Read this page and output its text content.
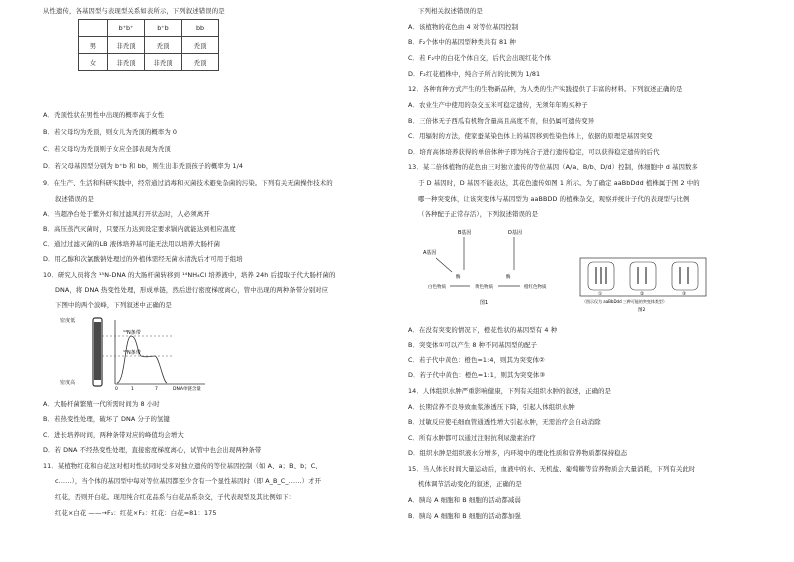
从性遗传，各基因型与表现型关系如表所示，下列叙述错误的是
	b⁺b⁺	b⁺b	bb
男	非秃顶	秃顶	秃顶
女	非秃顶	非秃顶	秃顶
A．秃顶性状在男性中出现的概率高于女性
B．若父母均为秃顶，则女儿为秃顶的概率为 0
C．若父母均为秃顶则子女应全部表现为秃顶
D．若父母基因型分别为 b⁺b 和 bb，则生出非秃顶孩子的概率为 1/4
9．在生产、生活和科研实践中，经常通过消毒和灭菌技术避免杂菌的污染。下列有关无菌操作技术的
叙述错误的是
A．当超净台处于紫外灯和过滤风打开状态时，人必须离开
B．高压蒸汽灭菌时，只要压力达到设定要求锅内就能达到相应温度
C．通过过滤灭菌的LB 液体培养基可能无法用以培养大肠杆菌
D．用乙醇和次氯酸钠处理过的外植体需经无菌水清洗后才可用于组培
10．研究人员将含 ¹⁵N-DNA 的大肠杆菌转移到 ¹⁴NH₄Cl 培养液中，培养 24h 后提取子代大肠杆菌的
DNA，将 DNA 热变性处理，形成单链，然后进行密度梯度离心，管中出现的两种条带分别对应
下图中的两个波峰，下列叙述中正确的是
¹⁴N条带
¹⁵N条带
0	1	7	DNA单链含量
密度低
密度高
A．大肠杆菌繁殖一代所需时间为 8 小时
B．若热变性处理，破坏了 DNA 分子的氢键
C．进长培养时间，两种条带对应的峰值均会增大
D．若 DNA 不经热变性处理，直接密度梯度离心，试管中也会出现两种条带
11．某植物红花和白花这对相对性状同时受多对独立遗传的等位基因控制（如 A、a；B、b；C、
c……），当个体的基因型中每对等位基因都至少含有一个显性基因时（即 A_B_C_……）才开
红花，否则开白花。现用纯合红花品系与白花品系杂交，子代表现型及其比例如下：
红花×白花 ——→F₁：红花×F₂：红花：白花=81：175
下列相关叙述错误的是
A．该植物的花色由 4 对等位基因控制
B．F₂个体中的基因型种类共有 81 种
C．若 F₂中的白花个体自交，后代会出现红花个体
D．F₂红花植株中，纯合子所占的比例为 1/81
12．各种育种方式产生的生物新品种，为人类的生产实践提供了丰富的材料。下列叙述正确的是
A．农业生产中使用的杂交玉米可稳定遗传，无须年年购买种子
B．三倍体无子西瓜有机物含量高且高度不育，但仍属可遗传变异
C．用辐射的方法，使家蚕某染色体上的基因移到性染色体上，依据的原理是基因突变
D．培育高体培养获得的单倍体种子即为纯合子进行遗传稳定，可以获得稳定遗传的后代
13．某二倍体植物的花色由三对独立遗传的等位基因（A/a、B/b、D/d）控制，体细胞中 d 基因数多
于 D 基因时，D 基因不能表达，其花色遗传如图 1 所示。为了确定 aaBbDdd 植株属于图 2 中的
哪一种突变体，让该突变体与基因型为 aaBBDD 的植株杂交，观察并统计子代的表现型与比例
（各种配子正常存活），下列叙述错误的是
B基因	D基因
A基因
酶	酶
白色物质	黄色物质	橙红色物质
图1
①	②	③
（图示仅为 aaBbDdd 三种可能的突变体类型）
图2
A．在没有突变的情况下，橙花性状的基因型有 4 种
B．突变体①可以产生 8 种不同基因型的配子
C．若子代中黄色：橙色=1:4，则其为突变体②
D．若子代中黄色：橙色=1:1，则其为突变体③
14．人体组织水肿严重影响健康，下列有关组织水肿的叙述，正确的是
A．长期营养不良导致血浆渗透压下降，引起人体组织水肿
B．过敏反应使毛细血管通透性增大引起水肿，无需治疗会自动消除
C．所有水肿都可以通过注射抗利尿激素治疗
D．组织水肿是组织液水分增多，内环境中的理化性质和营养物质都保持稳态
15．当人体长时间大量运动后，血液中的水、无机盐、葡萄糖等营养物质会大量消耗，下列有关此时
机体调节活动变化的叙述，正确的是
A．胰岛 A 细胞和 B 细胞的活动都减弱
B．胰岛 A 细胞和 B 细胞的活动都加强
